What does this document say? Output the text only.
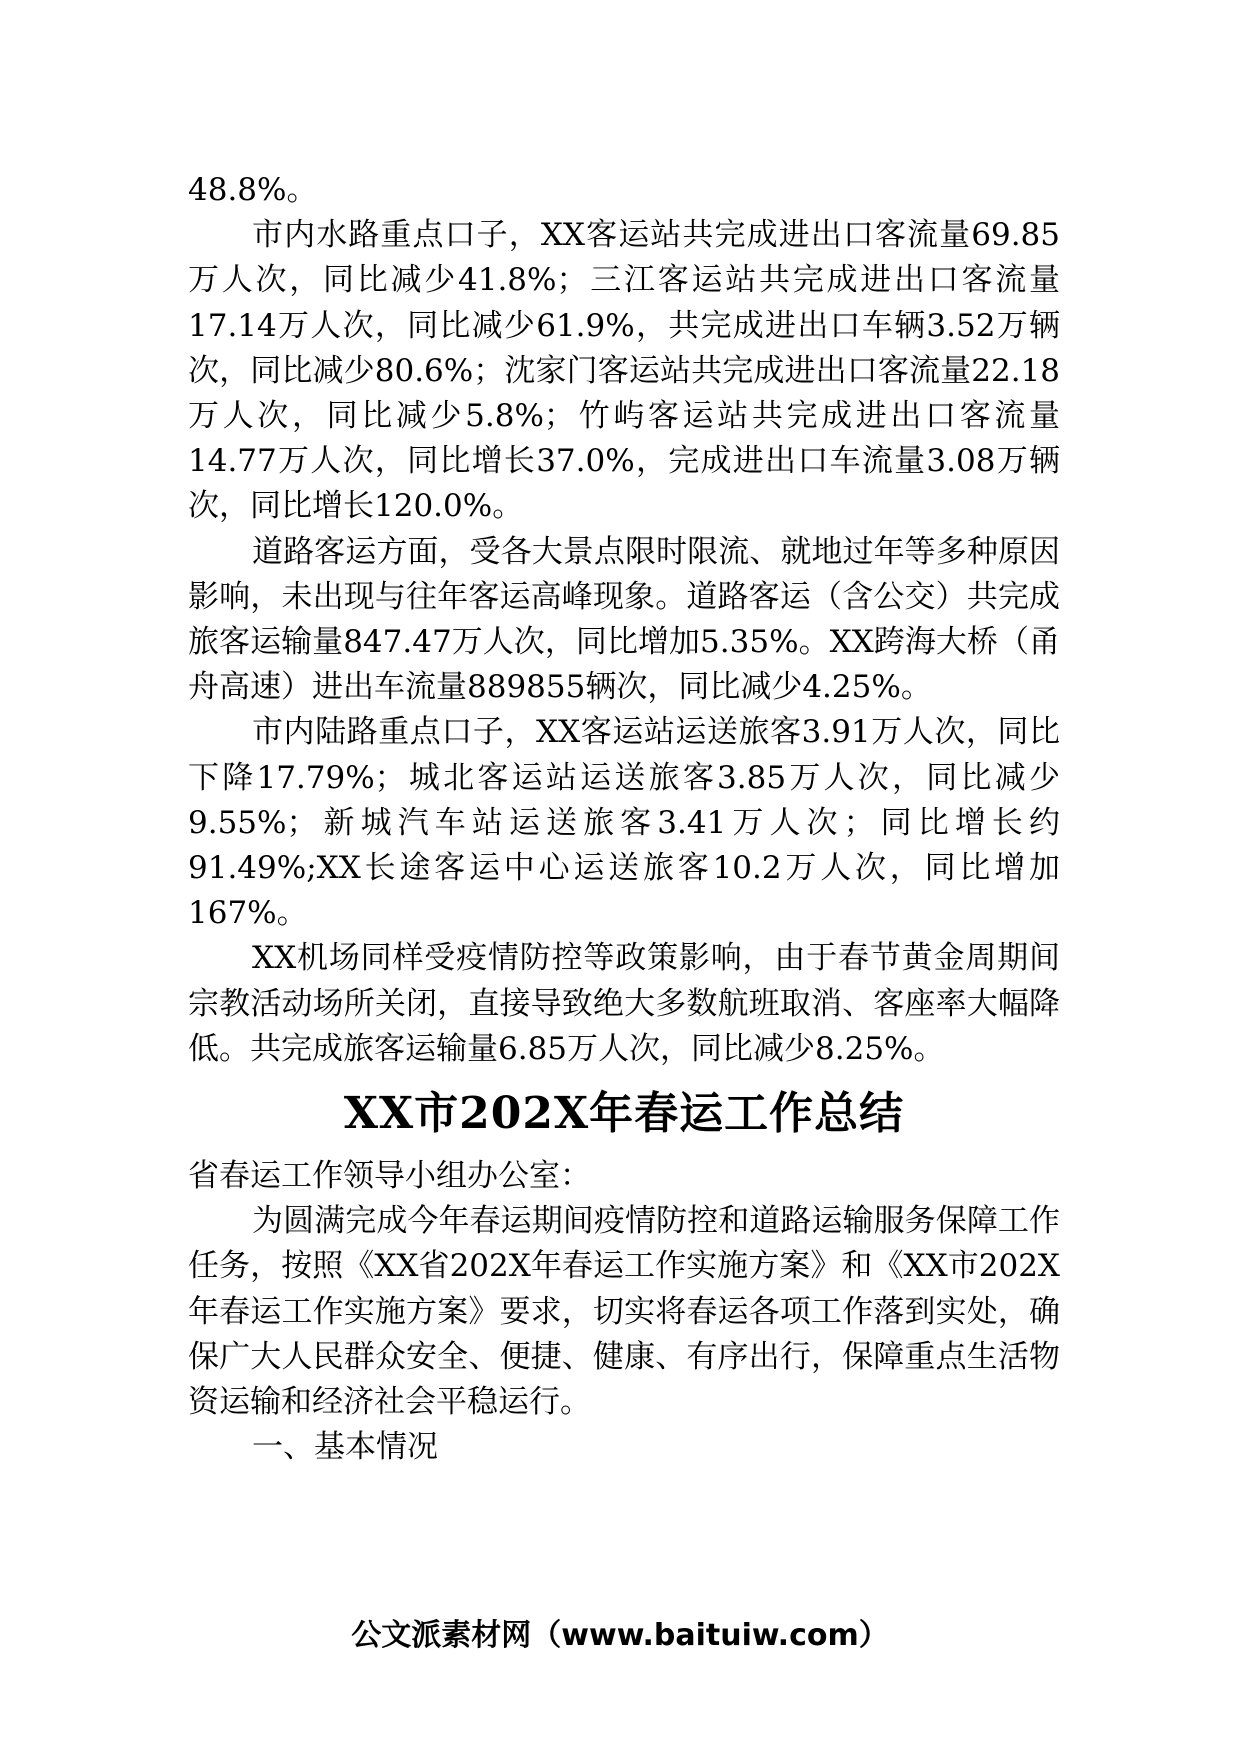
48.8%。

市内水路重点口子，XX客运站共完成进出口客流量69.85万人次，同比减少41.8%；三江客运站共完成进出口客流量17.14万人次，同比减少61.9%，共完成进出口车辆3.52万辆次，同比减少80.6%；沈家门客运站共完成进出口客流量22.18万人次，同比减少5.8%；竹屿客运站共完成进出口客流量14.77万人次，同比增长37.0%，完成进出口车流量3.08万辆次，同比增长120.0%。

道路客运方面，受各大景点限时限流、就地过年等多种原因影响，未出现与往年客运高峰现象。道路客运（含公交）共完成旅客运输量847.47万人次，同比增加5.35%。XX跨海大桥（甬舟高速）进出车流量889855辆次，同比减少4.25%。

市内陆路重点口子，XX客运站运送旅客3.91万人次，同比下降17.79%；城北客运站运送旅客3.85万人次，同比减少9.55%；新城汽车站运送旅客3.41万人次；同比增长约91.49%;XX长途客运中心运送旅客10.2万人次，同比增加167%。

XX机场同样受疫情防控等政策影响，由于春节黄金周期间宗教活动场所关闭，直接导致绝大多数航班取消、客座率大幅降低。共完成旅客运输量6.85万人次，同比减少8.25%。

XX市202X年春运工作总结

省春运工作领导小组办公室：

为圆满完成今年春运期间疫情防控和道路运输服务保障工作任务，按照《XX省202X年春运工作实施方案》和《XX市202X年春运工作实施方案》要求，切实将春运各项工作落到实处，确保广大人民群众安全、便捷、健康、有序出行，保障重点生活物资运输和经济社会平稳运行。

一、基本情况

公文派素材网（www.baituiw.com）
